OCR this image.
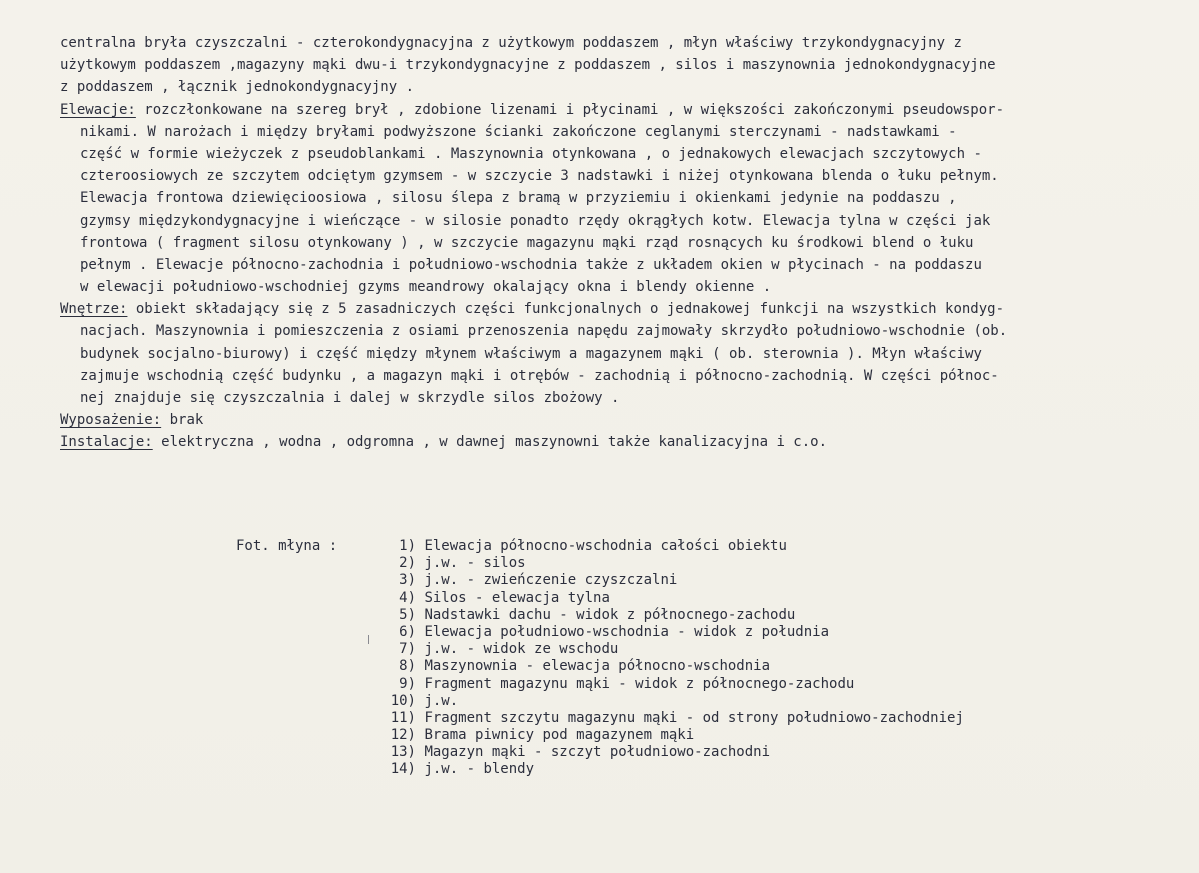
centralna bryła czyszczalni - czterokondygnacyjna z użytkowym poddaszem , młyn właściwy trzykondygnacyjny z
użytkowym poddaszem ,magazyny mąki dwu-i trzykondygnacyjne z poddaszem , silos i maszynownia jednokondygnacyjne
z poddaszem , łącznik jednokondygnacyjny .
Elewacje: rozczłonkowane na szereg brył , zdobione lizenami i płycinami , w większości zakończonymi pseudowspor-
nikami. W narożach i między bryłami podwyższone ścianki zakończone ceglanymi sterczynami - nadstawkami -
część w formie wieżyczek z pseudoblankami . Maszynownia otynkowana , o jednakowych elewacjach szczytowych -
czteroosiowych ze szczytem odciętym gzymsem - w szczycie 3 nadstawki i niżej otynkowana blenda o łuku pełnym.
Elewacja frontowa dziewięcioosiowa , silosu ślepa z bramą w przyziemiu i okienkami jedynie na poddaszu ,
gzymsy międzykondygnacyjne i wieńczące - w silosie ponadto rzędy okrągłych kotw. Elewacja tylna w części jak
frontowa ( fragment silosu otynkowany ) , w szczycie magazynu mąki rząd rosnących ku środkowi blend o łuku
pełnym . Elewacje północno-zachodnia i południowo-wschodnia także z układem okien w płycinach - na poddaszu
w elewacji południowo-wschodniej gzyms meandrowy okalający okna i blendy okienne .
Wnętrze: obiekt składający się z 5 zasadniczych części funkcjonalnych o jednakowej funkcji na wszystkich kondyg-
nacjach. Maszynownia i pomieszczenia z osiami przenoszenia napędu zajmowały skrzydło południowo-wschodnie (ob.
budynek socjalno-biurowy) i część między młynem właściwym a magazynem mąki ( ob. sterownia ). Młyn właściwy
zajmuje wschodnią część budynku , a magazyn mąki i otrębów - zachodnią i północno-zachodnią. W części północ-
nej znajduje się czyszczalnia i dalej w skrzydle silos zbożowy .
Wyposażenie: brak
Instalacje: elektryczna , wodna , odgromna , w dawnej maszynowni także kanalizacyjna i c.o.
Fot. młyna :	1) Elewacja północno-wschodnia całości obiektu
2) j.w. - silos
3) j.w. - zwieńczenie czyszczalni
4) Silos - elewacja tylna
5) Nadstawki dachu - widok z północnego-zachodu
6) Elewacja południowo-wschodnia - widok z południa
7) j.w. - widok ze wschodu
8) Maszynownia - elewacja północno-wschodnia
9) Fragment magazynu mąki - widok z północnego-zachodu
10) j.w.
11) Fragment szczytu magazynu mąki - od strony południowo-zachodniej
12) Brama piwnicy pod magazynem mąki
13) Magazyn mąki - szczyt południowo-zachodni
14) j.w. - blendy
